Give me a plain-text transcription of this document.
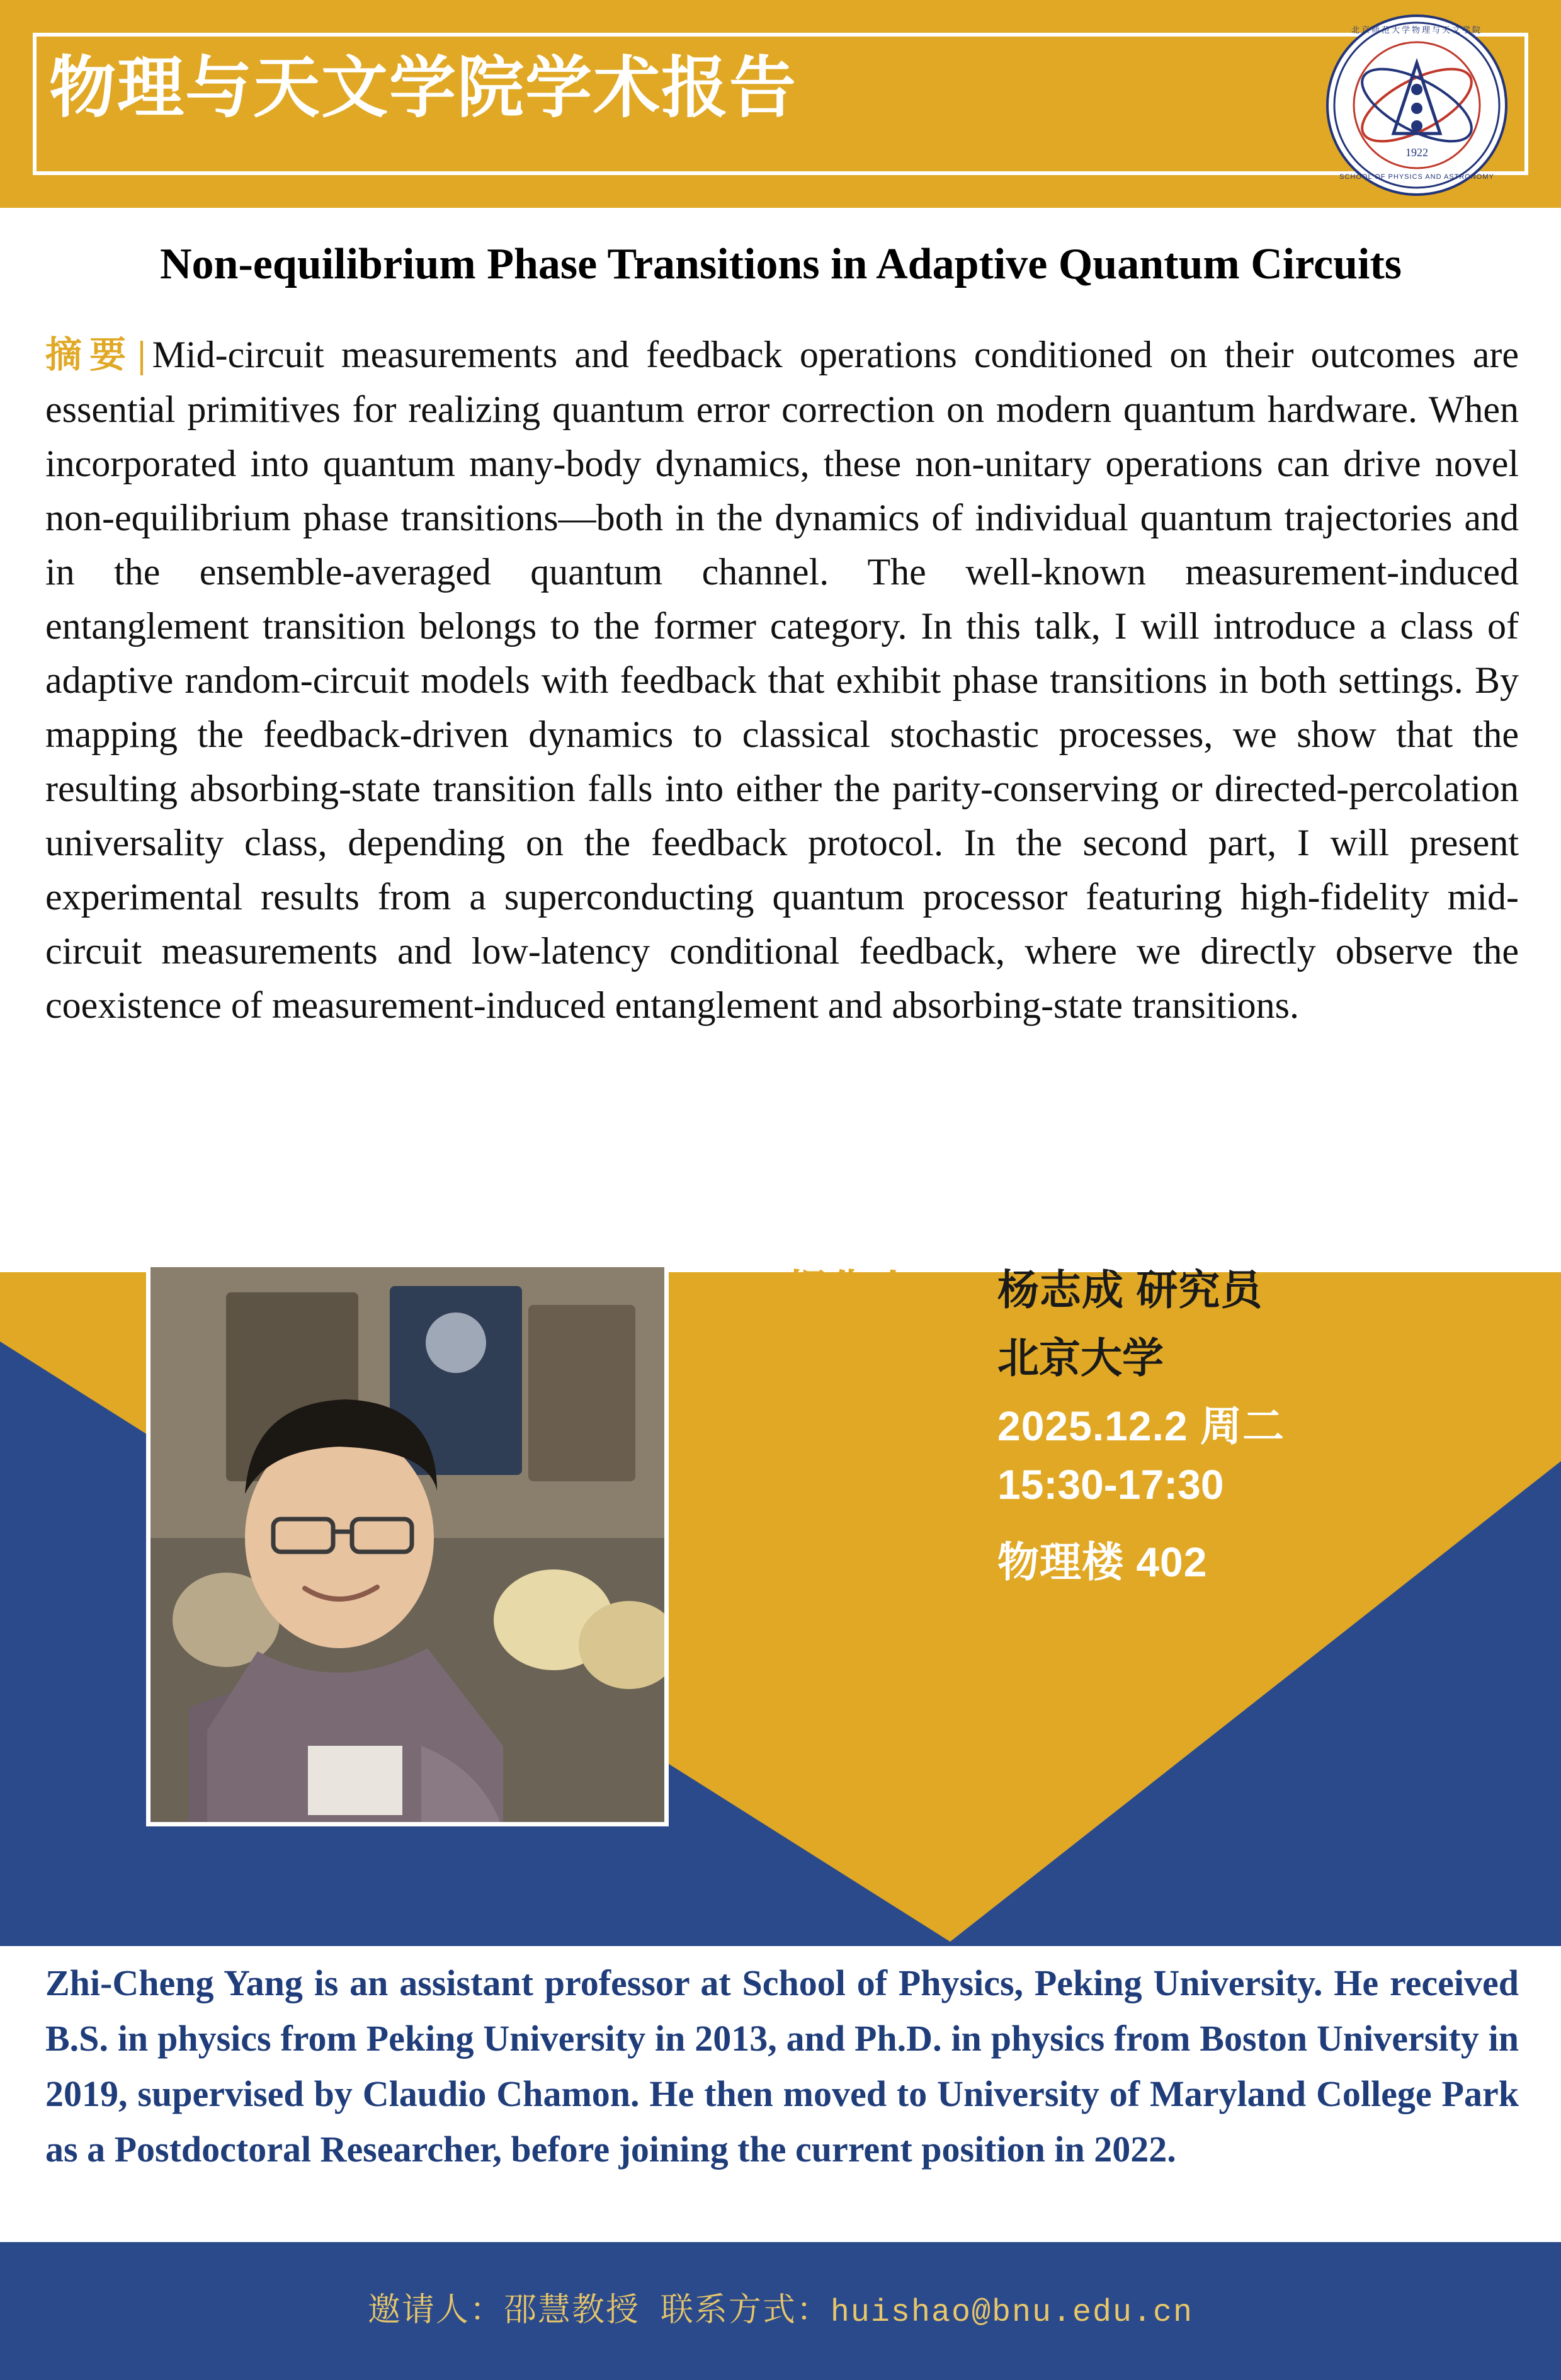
物理与天文学院学术报告
1922
SCHOOL OF PHYSICS AND ASTRONOMY
北京师范大学物理与天文学院
Non-equilibrium Phase Transitions in Adaptive Quantum Circuits
摘要 | Mid-circuit measurements and feedback operations conditioned on their outcomes are essential primitives for realizing quantum error correction on modern quantum hardware. When incorporated into quantum many-body dynamics, these non-unitary operations can drive novel non-equilibrium phase transitions—both in the dynamics of individual quantum trajectories and in the ensemble-averaged quantum channel. The well-known measurement-induced entanglement transition belongs to the former category. In this talk, I will introduce a class of adaptive random-circuit models with feedback that exhibit phase transitions in both settings. By mapping the feedback-driven dynamics to classical stochastic processes, we show that the resulting absorbing-state transition falls into either the parity-conserving or directed-percolation universality class, depending on the feedback protocol. In the second part, I will present experimental results from a superconducting quantum processor featuring high-fidelity mid-circuit measurements and low-latency conditional feedback, where we directly observe the coexistence of measurement-induced entanglement and absorbing-state transitions.
报告人 | 杨志成 研究员
北京大学
时　间 | 2025.12.2 周二
15:30-17:30
地　点 | 物理楼 402
Zhi-Cheng Yang is an assistant professor at School of Physics, Peking University. He received B.S. in physics from Peking University in 2013, and Ph.D. in physics from Boston University in 2019, supervised by Claudio Chamon. He then moved to University of Maryland College Park as a Postdoctoral Researcher, before joining the current position in 2022.
邀请人：邵慧教授 联系方式：huishao@bnu.edu.cn
